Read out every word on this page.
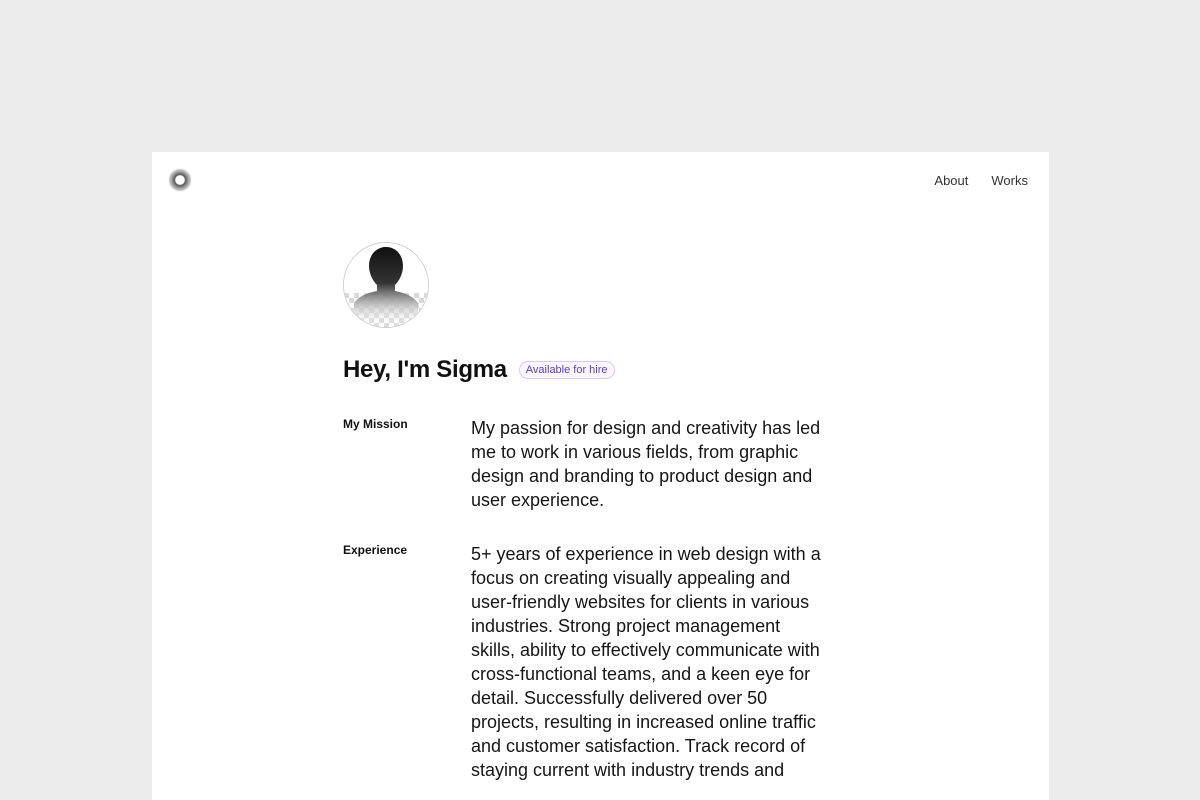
About Works
Hey, I'm Sigma	Available for hire
My Mission	My passion for design and creativity has led me to work in various fields, from graphic design and branding to product design and user experience.

Experience	5+ years of experience in web design with a focus on creating visually appealing and user-friendly websites for clients in various industries. Strong project management skills, ability to effectively communicate with cross-functional teams, and a keen eye for detail. Successfully delivered over 50 projects, resulting in increased online traffic and customer satisfaction. Track record of staying current with industry trends and
